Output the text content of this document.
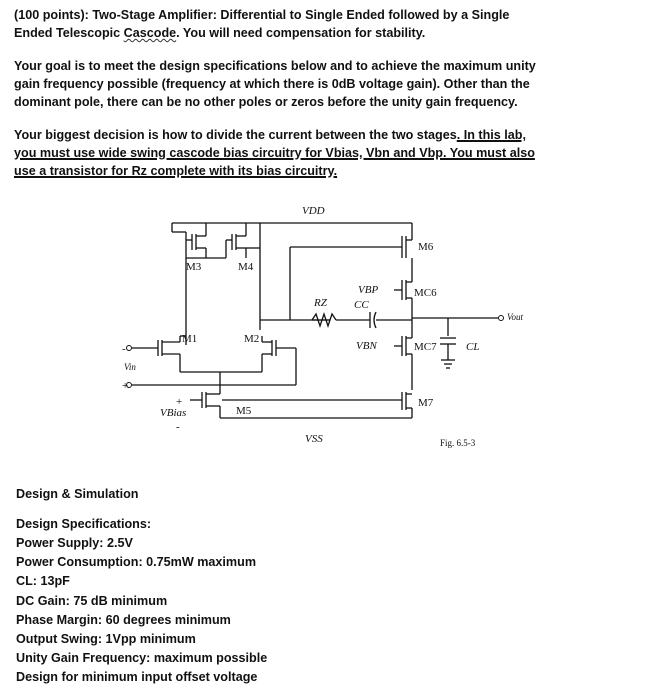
(100 points): Two-Stage Amplifier: Differential to Single Ended followed by a Single
Ended Telescopic Cascode. You will need compensation for stability.
Your goal is to meet the design specifications below and to achieve the maximum unity
gain frequency possible (frequency at which there is 0dB voltage gain). Other than the
dominant pole, there can be no other poles or zeros before the unity gain frequency.
Your biggest decision is how to divide the current between the two stages. In this lab,
you must use wide swing cascode bias circuitry for Vbias, Vbn and Vbp. You must also
use a transistor for Rz complete with its bias circuitry.
VDD
VSS
M1	M2
M3	M4
M5
M6
MC6
MC7
M7
VBP
VBN
RZ CC
CL
Vout
Vin
VBias
-
+
+
-
Fig. 6.5-3
Design & Simulation
Design Specifications:
Power Supply: 2.5V
Power Consumption: 0.75mW maximum
CL: 13pF
DC Gain: 75 dB minimum
Phase Margin: 60 degrees minimum
Output Swing: 1Vpp minimum
Unity Gain Frequency: maximum possible
Design for minimum input offset voltage
